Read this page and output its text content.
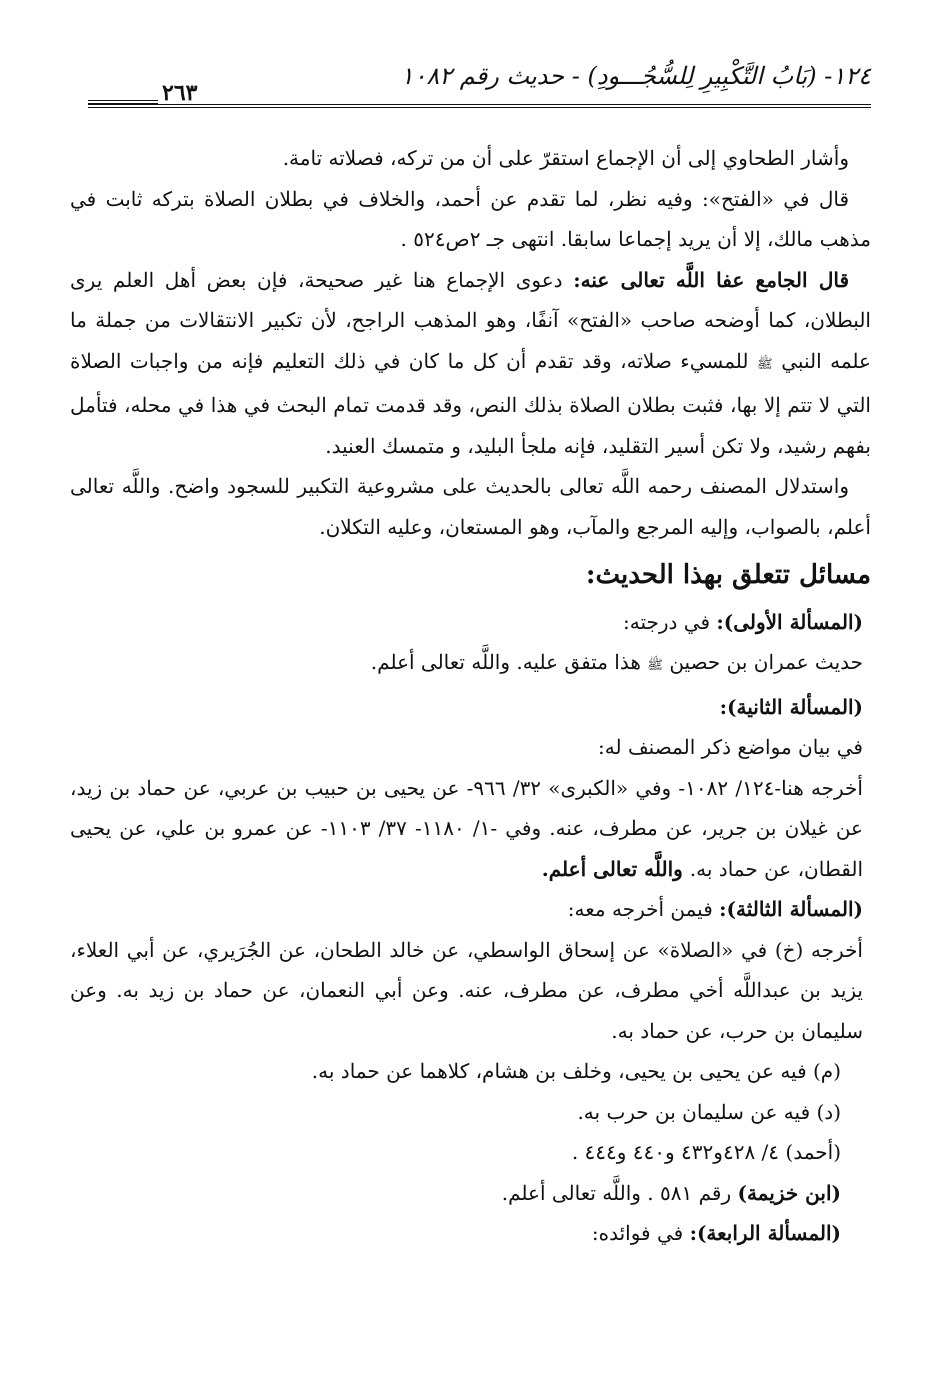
١٢٤- (بَابُ التَّكْبِيرِ لِلسُّجُـــودِ) - حديث رقم ١٠٨٢
٢٦٣

وأشار الطحاوي إلى أن الإجماع استقرّ على أن من تركه، فصلاته تامة.

قال في «الفتح»: وفيه نظر، لما تقدم عن أحمد، والخلاف في بطلان الصلاة بتركه ثابت في مذهب مالك، إلا أن يريد إجماعا سابقا. انتهى جـ ٢ص٥٢٤ .

قال الجامع عفا اللَّه تعالى عنه: دعوى الإجماع هنا غير صحيحة، فإن بعض أهل العلم يرى البطلان، كما أوضحه صاحب «الفتح» آنفًا، وهو المذهب الراجح، لأن تكبير الانتقالات من جملة ما علمه النبي ﷺ للمسيء صلاته، وقد تقدم أن كل ما كان في ذلك التعليم فإنه من واجبات الصلاة التي لا تتم إلا بها، فثبت بطلان الصلاة بذلك النص، وقد قدمت تمام البحث في هذا في محله، فتأمل بفهم رشيد، ولا تكن أسير التقليد، فإنه ملجأ البليد، و متمسك العنيد.

واستدلال المصنف رحمه اللَّه تعالى بالحديث على مشروعية التكبير للسجود واضح. واللَّه تعالى أعلم، بالصواب، وإليه المرجع والمآب، وهو المستعان، وعليه التكلان.

مسائل تتعلق بهذا الحديث:

(المسألة الأولى): في درجته:

حديث عمران بن حصين ﷺ هذا متفق عليه. واللَّه تعالى أعلم.

(المسألة الثانية):

في بيان مواضع ذكر المصنف له:

أخرجه هنا-١٢٤/ ١٠٨٢- وفي «الكبرى» ٣٢/ ٩٦٦- عن يحيى بن حبيب بن عربي، عن حماد بن زيد، عن غيلان بن جرير، عن مطرف، عنه. وفي -١/ ١١٨٠- ٣٧/ ١١٠٣- عن عمرو بن علي، عن يحيى القطان، عن حماد به. واللَّه تعالى أعلم.

(المسألة الثالثة): فيمن أخرجه معه:

أخرجه (خ) في «الصلاة» عن إسحاق الواسطي، عن خالد الطحان، عن الجُرَيري، عن أبي العلاء، يزيد بن عبداللَّه أخي مطرف، عن مطرف، عنه. وعن أبي النعمان، عن حماد بن زيد به. وعن سليمان بن حرب، عن حماد به.

(م) فيه عن يحيى بن يحيى، وخلف بن هشام، كلاهما عن حماد به.

(د) فيه عن سليمان بن حرب به.

(أحمد) ٤/ ٤٢٨و٤٣٢ و٤٤٠ و٤٤٤ .

(ابن خزيمة) رقم ٥٨١ . واللَّه تعالى أعلم.

(المسألة الرابعة): في فوائده:
